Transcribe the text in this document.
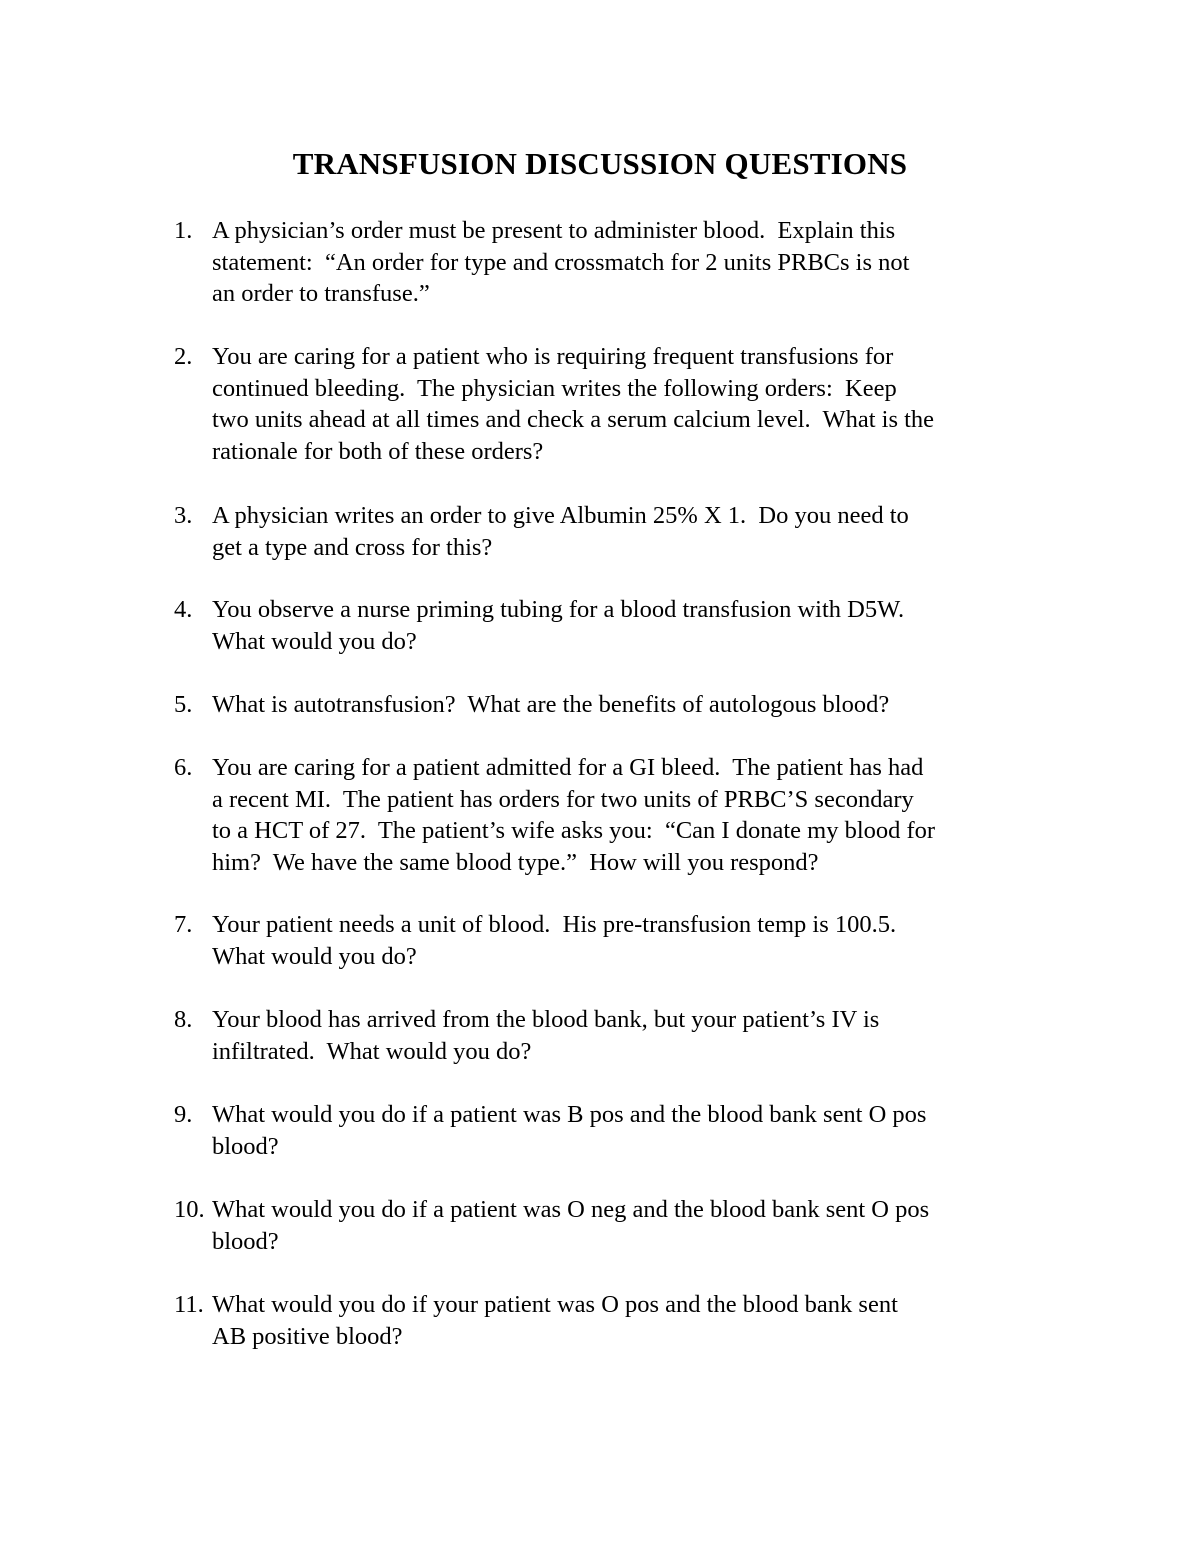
TRANSFUSION DISCUSSION QUESTIONS
1. A physician’s order must be present to administer blood.  Explain this
statement:  “An order for type and crossmatch for 2 units PRBCs is not
an order to transfuse.”
2. You are caring for a patient who is requiring frequent transfusions for
continued bleeding.  The physician writes the following orders:  Keep
two units ahead at all times and check a serum calcium level.  What is the
rationale for both of these orders?
3. A physician writes an order to give Albumin 25% X 1.  Do you need to
get a type and cross for this?
4. You observe a nurse priming tubing for a blood transfusion with D5W.
What would you do?
5. What is autotransfusion?  What are the benefits of autologous blood?
6. You are caring for a patient admitted for a GI bleed.  The patient has had
a recent MI.  The patient has orders for two units of PRBC’S secondary
to a HCT of 27.  The patient’s wife asks you:  “Can I donate my blood for
him?  We have the same blood type.”  How will you respond?
7. Your patient needs a unit of blood.  His pre-transfusion temp is 100.5.
What would you do?
8. Your blood has arrived from the blood bank, but your patient’s IV is
infiltrated.  What would you do?
9. What would you do if a patient was B pos and the blood bank sent O pos
blood?
10. What would you do if a patient was O neg and the blood bank sent O pos
blood?
11. What would you do if your patient was O pos and the blood bank sent
AB positive blood?
